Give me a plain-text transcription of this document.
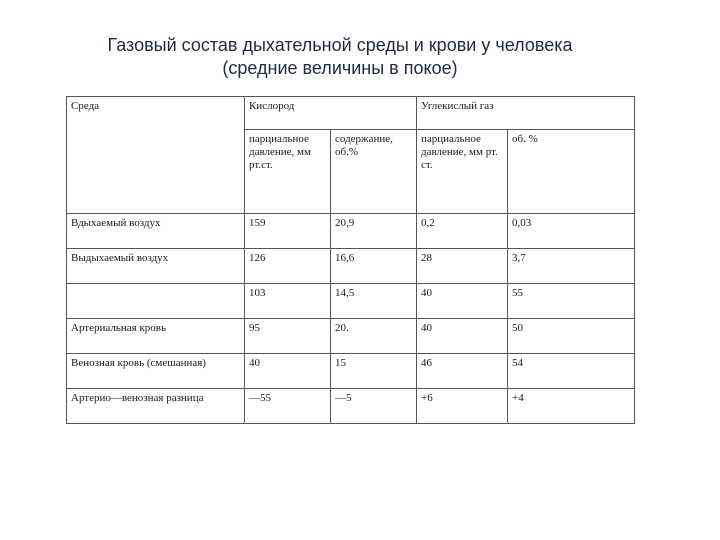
Газовый состав дыхательной среды и крови у человека
(средние величины в покое)
Среда	Кислород		Углекислый газ	
	парциальное давление, мм рт.ст.	содержание, об.%	парциальное давление, мм рт. ст.	об. %
Вдыхаемый воздух	159	20,9	0,2	0,03
Выдыхаемый воздух	126	16,6	28	3,7
	103	14,5	40	55
Артериальная кровь	95	20.	40	50
Венозная кровь (смешанная)	40	15	46	54
Артерио—венозная разница	—55	—5	+6	+4
